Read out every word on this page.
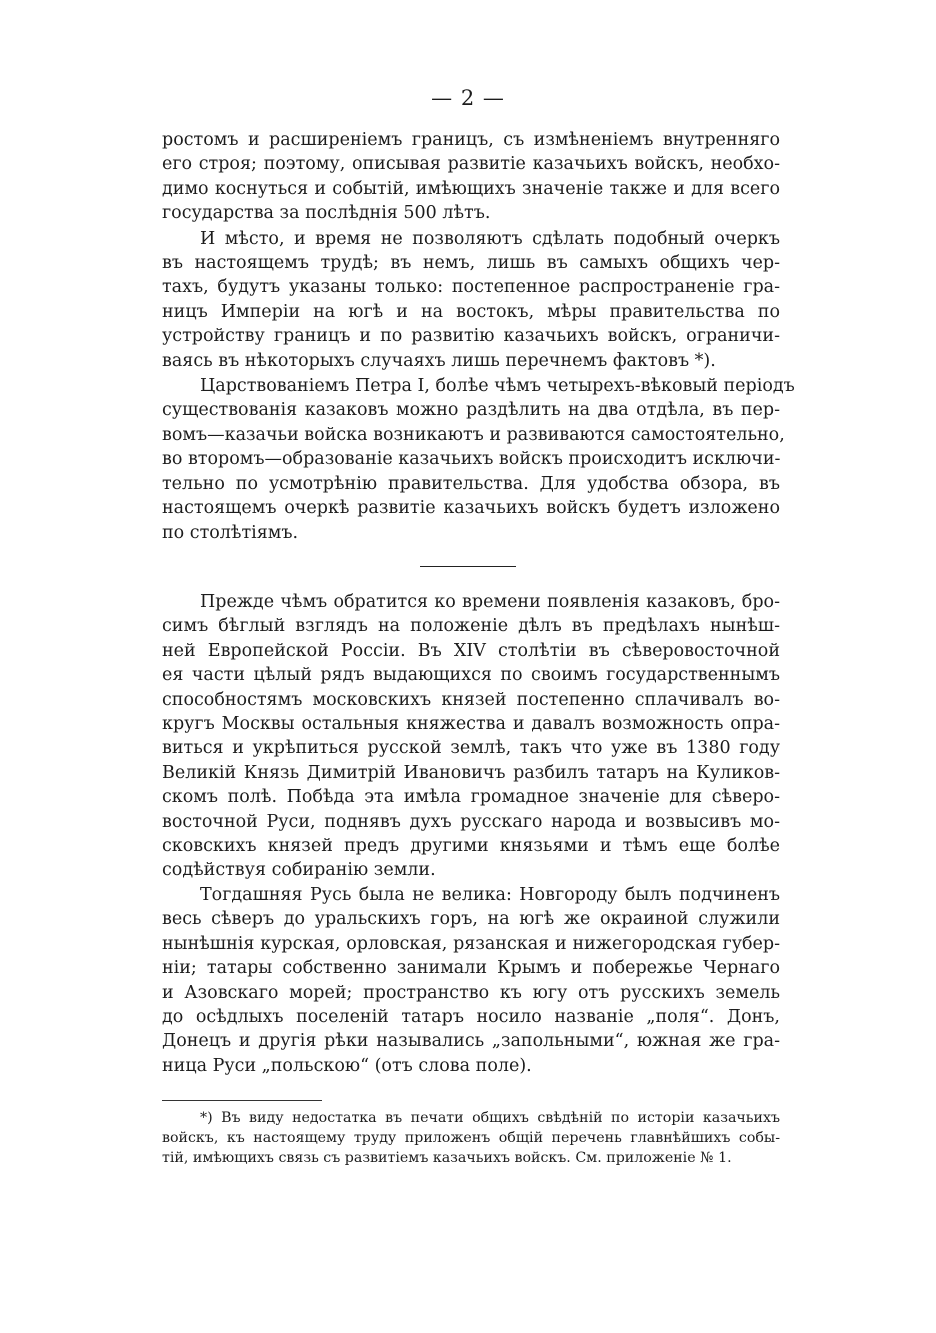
— 2 —
ростомъ и расширеніемъ границъ, съ измѣненіемъ внутренняго
его строя; поэтому, описывая развитіе казачьихъ войскъ, необхо-
димо коснуться и событій, имѣющихъ значеніе также и для всего
государства за послѣднія 500 лѣтъ.
И мѣсто, и время не позволяютъ сдѣлать подобный очеркъ
въ настоящемъ трудѣ; въ немъ, лишь въ самыхъ общихъ чер-
тахъ, будутъ указаны только: постепенное распространеніе гра-
ницъ Имперіи на югѣ и на востокъ, мѣры правительства по
устройству границъ и по развитію казачьихъ войскъ, ограничи-
ваясь въ нѣкоторыхъ случаяхъ лишь перечнемъ фактовъ *).
Царствованіемъ Петра I, болѣе чѣмъ четырехъ-вѣковый періодъ
существованія казаковъ можно раздѣлить на два отдѣла, въ пер-
вомъ—казачьи войска возникаютъ и развиваются самостоятельно,
во второмъ—образованіе казачьихъ войскъ происходитъ исключи-
тельно по усмотрѣнію правительства. Для удобства обзора, въ
настоящемъ очеркѣ развитіе казачьихъ войскъ будетъ изложено
по столѣтіямъ.
Прежде чѣмъ обратится ко времени появленія казаковъ, бро-
симъ бѣглый взглядъ на положеніе дѣлъ въ предѣлахъ нынѣш-
ней Европейской Россіи. Въ XIV столѣтіи въ сѣверовосточной
ея части цѣлый рядъ выдающихся по своимъ государственнымъ
способностямъ московскихъ князей постепенно сплачивалъ во-
кругъ Москвы остальныя княжества и давалъ возможность опра-
виться и укрѣпиться русской землѣ, такъ что уже въ 1380 году
Великій Князь Димитрій Ивановичъ разбилъ татаръ на Куликов-
скомъ полѣ. Побѣда эта имѣла громадное значеніе для сѣверо-
восточной Руси, поднявъ духъ русскаго народа и возвысивъ мо-
сковскихъ князей предъ другими князьями и тѣмъ еще болѣе
содѣйствуя собиранію земли.
Тогдашняя Русь была не велика: Новгороду былъ подчиненъ
весь сѣверъ до уральскихъ горъ, на югѣ же окраиной служили
нынѣшнія курская, орловская, рязанская и нижегородская губер-
ніи; татары собственно занимали Крымъ и побережье Чернаго
и Азовскаго морей; пространство къ югу отъ русскихъ земель
до осѣдлыхъ поселеній татаръ носило названіе „поля“. Донъ,
Донецъ и другія рѣки назывались „запольными“, южная же гра-
ница Руси „польскою“ (отъ слова поле).
*) Въ виду недостатка въ печати общихъ свѣдѣній по исторіи казачьихъ
войскъ, къ настоящему труду приложенъ общій перечень главнѣйшихъ собы-
тій, имѣющихъ связь съ развитіемъ казачьихъ войскъ. См. приложеніе № 1.
